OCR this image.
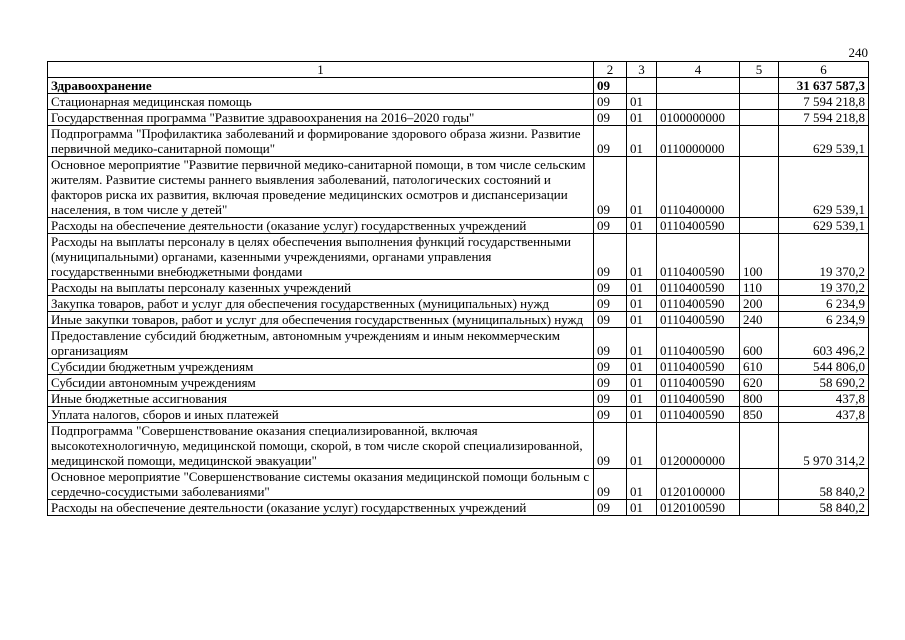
240
1	2	3	4	5	6
Здравоохранение	09				31 637 587,3
Стационарная медицинская помощь	09	01			7 594 218,8
Государственная программа "Развитие здравоохранения на 2016–2020 годы"	09	01	0100000000		7 594 218,8
Подпрограмма "Профилактика заболеваний и формирование здорового образа жизни. Развитие первичной медико-санитарной помощи"	09	01	0110000000		629 539,1
Основное мероприятие "Развитие первичной медико-санитарной помощи, в том числе сельским жителям. Развитие системы раннего выявления заболеваний, патологических состояний и факторов риска их развития, включая проведение медицинских осмотров и диспансеризации населения, в том числе у детей"	09	01	0110400000		629 539,1
Расходы на обеспечение деятельности (оказание услуг) государственных учреждений	09	01	0110400590		629 539,1
Расходы на выплаты персоналу в целях обеспечения выполнения функций государственными (муниципальными) органами, казенными учреждениями, органами управления государственными внебюджетными фондами	09	01	0110400590	100	19 370,2
Расходы на выплаты персоналу казенных учреждений	09	01	0110400590	110	19 370,2
Закупка товаров, работ и услуг для обеспечения государственных (муниципальных) нужд	09	01	0110400590	200	6 234,9
Иные закупки товаров, работ и услуг для обеспечения государственных (муниципальных) нужд	09	01	0110400590	240	6 234,9
Предоставление субсидий бюджетным, автономным учреждениям и иным некоммерческим организациям	09	01	0110400590	600	603 496,2
Субсидии бюджетным учреждениям	09	01	0110400590	610	544 806,0
Субсидии автономным учреждениям	09	01	0110400590	620	58 690,2
Иные бюджетные ассигнования	09	01	0110400590	800	437,8
Уплата налогов, сборов и иных платежей	09	01	0110400590	850	437,8
Подпрограмма "Совершенствование оказания специализированной, включая высокотехнологичную, медицинской помощи, скорой, в том числе скорой специализированной, медицинской помощи, медицинской эвакуации"	09	01	0120000000		5 970 314,2
Основное мероприятие "Совершенствование системы оказания медицинской помощи больным с сердечно-сосудистыми заболеваниями"	09	01	0120100000		58 840,2
Расходы на обеспечение деятельности (оказание услуг) государственных учреждений	09	01	0120100590		58 840,2
